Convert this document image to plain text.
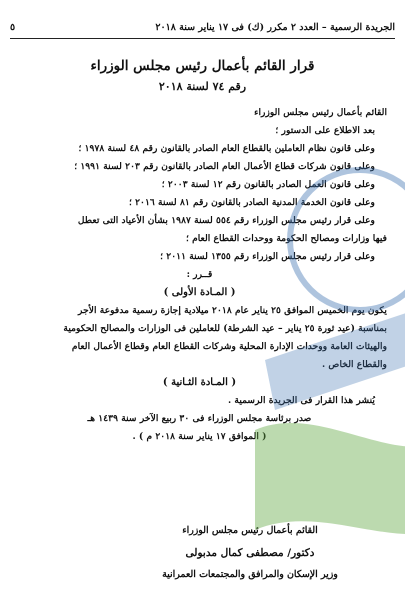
الجريدة الرسمية – العدد ٢ مكرر (ك) فى ١٧ يناير سنة ٢٠١٨
٥
قرار القائم بأعمال رئيس مجلس الوزراء
رقم ٧٤ لسنة ٢٠١٨
القائم بأعمال رئيس مجلس الوزراء
بعد الاطلاع على الدستور ؛
وعلى قانون نظام العاملين بالقطاع العام الصادر بالقانون رقم ٤٨ لسنة ١٩٧٨ ؛
وعلى قانون شركات قطاع الأعمال العام الصادر بالقانون رقم ٢٠٣ لسنة ١٩٩١ ؛
وعلى قانون العمل الصادر بالقانون رقم ١٢ لسنة ٢٠٠٣ ؛
وعلى قانون الخدمة المدنية الصادر بالقانون رقم ٨١ لسنة ٢٠١٦ ؛
وعلى قرار رئيس مجلس الوزراء رقم ٥٥٤ لسنة ١٩٨٧ بشأن الأعياد التى تعطل
فيها وزارات ومصالح الحكومة ووحدات القطاع العام ؛
وعلى قرار رئيس مجلس الوزراء رقم ١٣٥٥ لسنة ٢٠١١ ؛
قــرر :
( المـادة الأولى )
يكون يوم الخميس الموافق ٢٥ يناير عام ٢٠١٨ ميلادية إجازة رسمية مدفوعة الأجر
بمناسبة (عيد ثورة ٢٥ يناير – عيد الشرطة) للعاملين فى الوزارات والمصالح الحكومية
والهيئات العامة ووحدات الإدارة المحلية وشركات القطاع العام وقطاع الأعمال العام
والقطاع الخاص .
( المـادة الثـانية )
يُنشر هذا القرار فى الجريدة الرسمية .
صدر برئاسة مجلس الوزراء فى ٣٠ ربيع الآخر سنة ١٤٣٩ هـ
( الموافق ١٧ يناير سنة ٢٠١٨ م ) .
القائم بأعمال رئيس مجلس الوزراء
دكتور/ مصطفى كمال مدبولى
وزير الإسكان والمرافق والمجتمعات العمرانية
